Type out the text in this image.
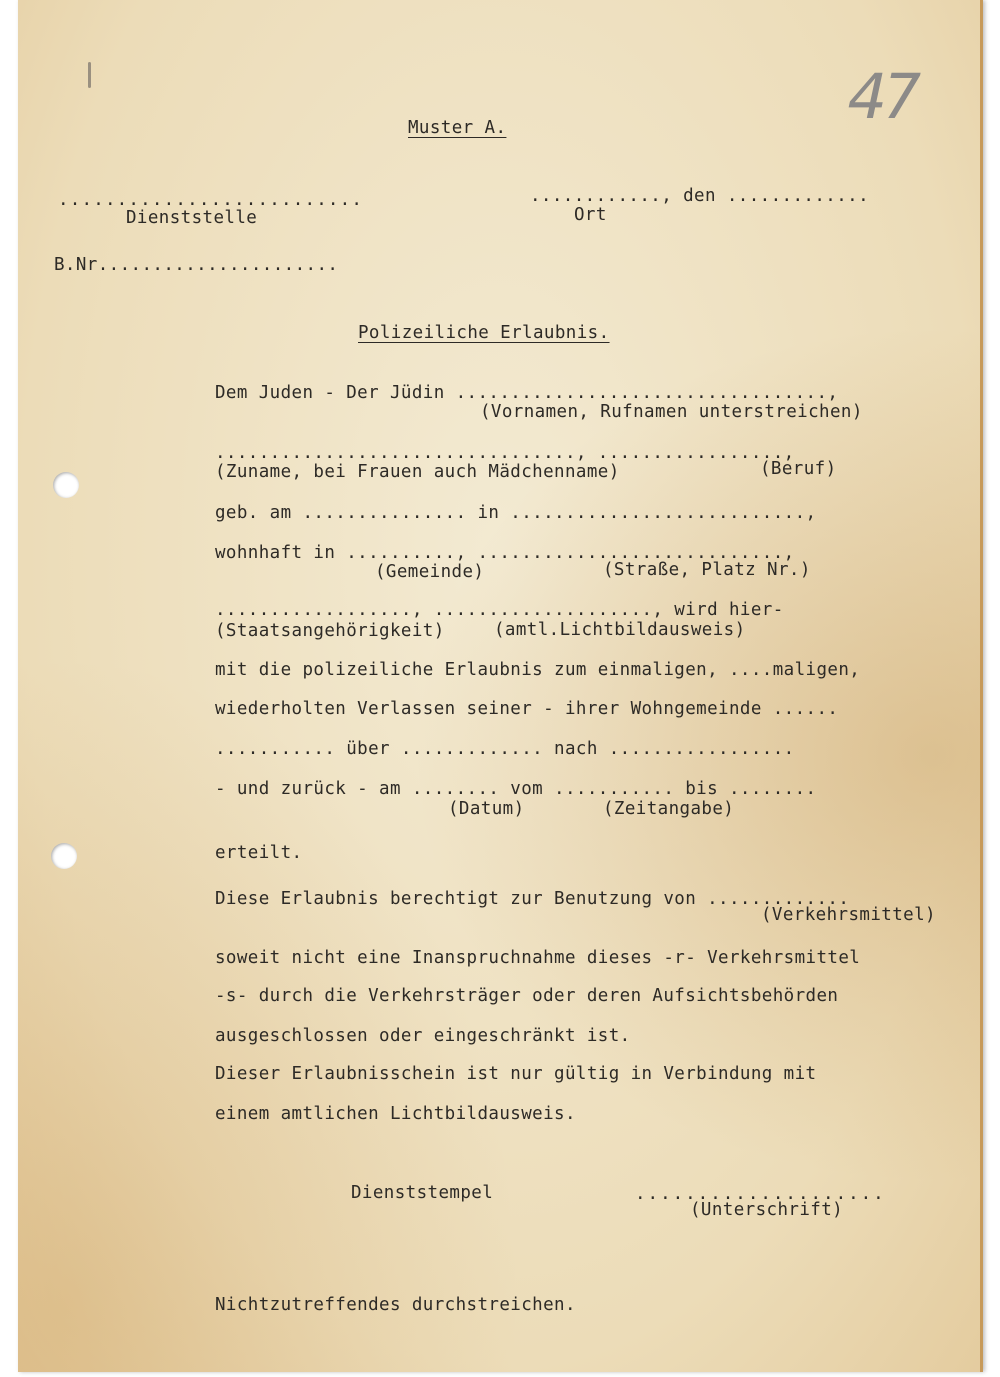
47
Muster A.
..........................
Dienststelle
............, den .............
Ort
B.Nr......................
Polizeiliche Erlaubnis.
Dem Juden - Der Jüdin ..................................,
(Vornamen, Rufnamen unterstreichen)
................................., .................,
(Zuname, bei Frauen auch Mädchenname)	(Beruf)
geb. am ............... in ...........................,
wohnhaft in .........., ............................,
(Gemeinde)	(Straße, Platz Nr.)
.................., ...................., wird hier-
(Staatsangehörigkeit)	(amtl.Lichtbildausweis)
mit die polizeiliche Erlaubnis zum einmaligen, ....maligen,
wiederholten Verlassen seiner - ihrer Wohngemeinde ......
........... über ............. nach .................
- und zurück - am ........ vom ........... bis ........
(Datum)	(Zeitangabe)
erteilt.
Diese Erlaubnis berechtigt zur Benutzung von .............
(Verkehrsmittel)
soweit nicht eine Inanspruchnahme dieses -r- Verkehrsmittel
-s- durch die Verkehrsträger oder deren Aufsichtsbehörden
ausgeschlossen oder eingeschränkt ist.
Dieser Erlaubnisschein ist nur gültig in Verbindung mit
einem amtlichen Lichtbildausweis.
Dienststempel	....................
(Unterschrift)
Nichtzutreffendes durchstreichen.
